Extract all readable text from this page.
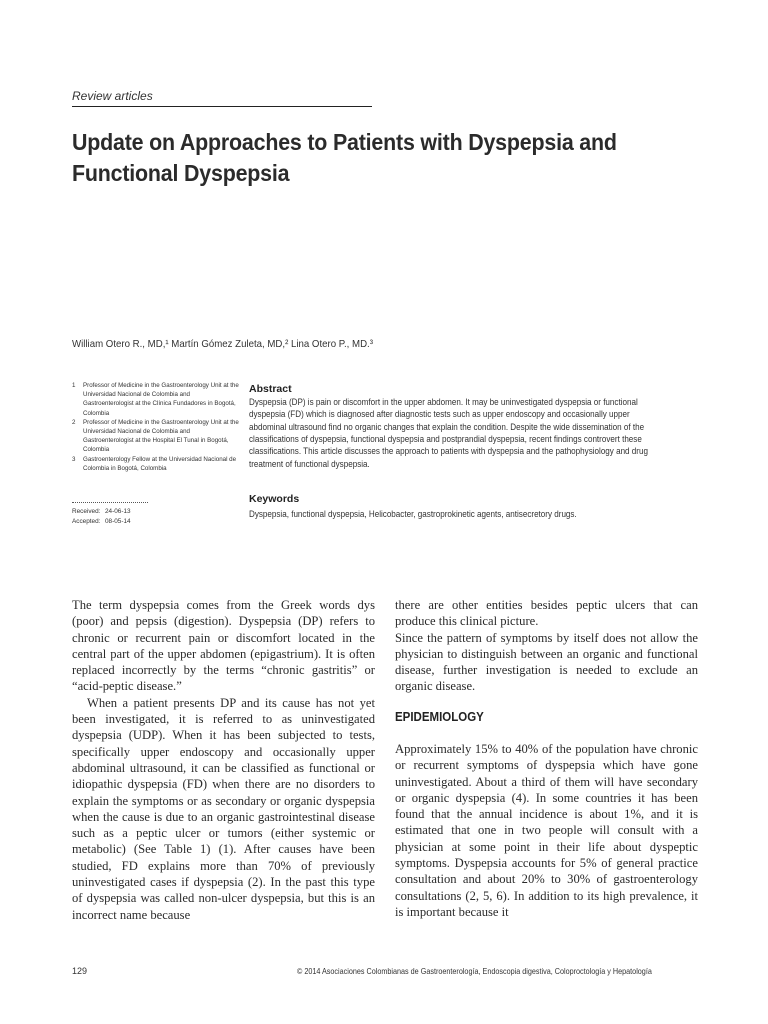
Review articles
Update on Approaches to Patients with Dyspepsia and Functional Dyspepsia
William Otero R., MD,¹ Martín Gómez Zuleta, MD,² Lina Otero P., MD.³
1 Professor of Medicine in the Gastroenterology Unit at the Universidad Nacional de Colombia and Gastroenterologist at the Clínica Fundadores in Bogotá, Colombia
2 Professor of Medicine in the Gastroenterology Unit at the Universidad Nacional de Colombia and Gastroenterologist at the Hospital El Tunal in Bogotá, Colombia
3 Gastroenterology Fellow at the Universidad Nacional de Colombia in Bogotá, Colombia
Received: 24-06-13
Accepted: 08-05-14
Abstract

Dyspepsia (DP) is pain or discomfort in the upper abdomen. It may be uninvestigated dyspepsia or functional dyspepsia (FD) which is diagnosed after diagnostic tests such as upper endoscopy and occasionally upper abdominal ultrasound find no organic changes that explain the condition. Despite the wide dissemination of the classifications of dyspepsia, functional dyspepsia and postprandial dyspepsia, recent findings controvert these classifications. This article discusses the approach to patients with dyspepsia and the pathophysiology and drug treatment of functional dyspepsia.

Keywords
Dyspepsia, functional dyspepsia, Helicobacter, gastroprokinetic agents, antisecretory drugs.

The term dyspepsia comes from the Greek words dys (poor) and pepsis (digestion). Dyspepsia (DP) refers to chronic or recurrent pain or discomfort located in the central part of the upper abdomen (epigastrium). It is often replaced incorrectly by the terms “chronic gastritis” or “acid-peptic disease.”

When a patient presents DP and its cause has not yet been investigated, it is referred to as uninvestigated dyspepsia (UDP). When it has been subjected to tests, specifically upper endoscopy and occasionally upper abdominal ultrasound, it can be classified as functional or idiopathic dyspepsia (FD) when there are no disorders to explain the symptoms or as secondary or organic dyspepsia when the cause is due to an organic gastrointestinal disease such as a peptic ulcer or tumors (either systemic or metabolic) (See Table 1) (1). After causes have been studied, FD explains more than 70% of previously uninvestigated cases if dyspepsia (2). In the past this type of dyspepsia was called non-ulcer dyspepsia, but this is an incorrect name because

there are other entities besides peptic ulcers that can produce this clinical picture.

Since the pattern of symptoms by itself does not allow the physician to distinguish between an organic and functional disease, further investigation is needed to exclude an organic disease.

EPIDEMIOLOGY

Approximately 15% to 40% of the population have chronic or recurrent symptoms of dyspepsia which have gone uninvestigated. About a third of them will have secondary or organic dyspepsia (4). In some countries it has been found that the annual incidence is about 1%, and it is estimated that one in two people will consult with a physician at some point in their life about dyspeptic symptoms. Dyspepsia accounts for 5% of general practice consultation and about 20% to 30% of gastroenterology consultations (2, 5, 6). In addition to its high prevalence, it is important because it

129	© 2014 Asociaciones Colombianas de Gastroenterología, Endoscopia digestiva, Coloproctología y Hepatología
